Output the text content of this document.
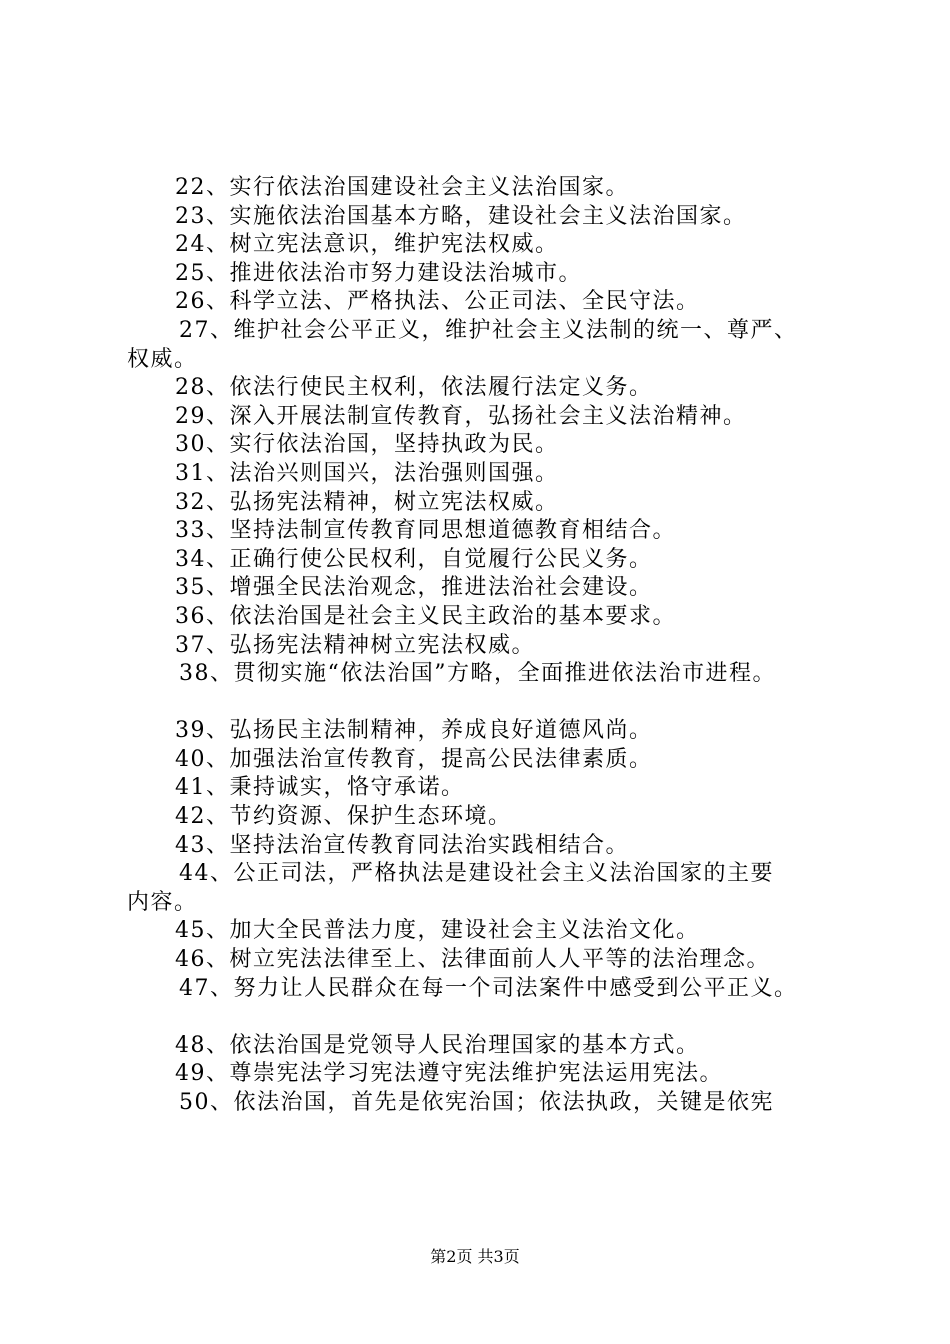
22、实行依法治国建设社会主义法治国家。
23、实施依法治国基本方略，建设社会主义法治国家。
24、树立宪法意识，维护宪法权威。
25、推进依法治市努力建设法治城市。
26、科学立法、严格执法、公正司法、全民守法。
27、维护社会公平正义，维护社会主义法制的统一、尊严、
权威。
28、依法行使民主权利，依法履行法定义务。
29、深入开展法制宣传教育，弘扬社会主义法治精神。
30、实行依法治国，坚持执政为民。
31、法治兴则国兴，法治强则国强。
32、弘扬宪法精神，树立宪法权威。
33、坚持法制宣传教育同思想道德教育相结合。
34、正确行使公民权利，自觉履行公民义务。
35、增强全民法治观念，推进法治社会建设。
36、依法治国是社会主义民主政治的基本要求。
37、弘扬宪法精神树立宪法权威。
38、贯彻实施“依法治国”方略，全面推进依法治市进程。
39、弘扬民主法制精神，养成良好道德风尚。
40、加强法治宣传教育，提高公民法律素质。
41、秉持诚实，恪守承诺。
42、节约资源、保护生态环境。
43、坚持法治宣传教育同法治实践相结合。
44、公正司法，严格执法是建设社会主义法治国家的主要
内容。
45、加大全民普法力度，建设社会主义法治文化。
46、树立宪法法律至上、法律面前人人平等的法治理念。
47、努力让人民群众在每一个司法案件中感受到公平正义。
48、依法治国是党领导人民治理国家的基本方式。
49、尊崇宪法学习宪法遵守宪法维护宪法运用宪法。
50、依法治国，首先是依宪治国；依法执政，关键是依宪
第2页 共3页
